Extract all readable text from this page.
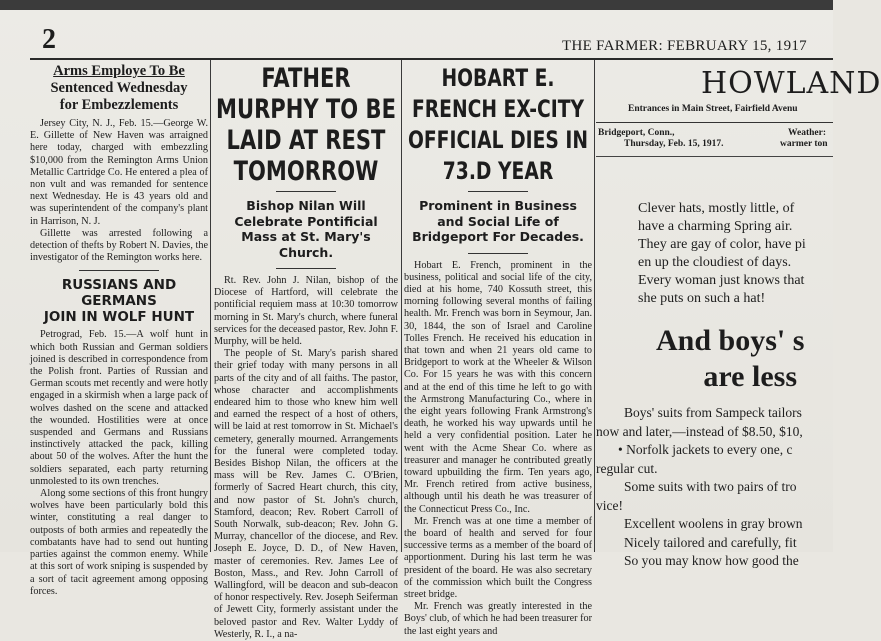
2	THE FARMER: FEBRUARY 15, 1917
Arms Employe To Be
Sentenced Wednesday
for Embezzlements

Jersey City, N. J., Feb. 15.—George W. E. Gillette of New Haven was arraigned here today, charged with embezzling $10,000 from the Remington Arms Union Metallic Cartridge Co. He entered a plea of non vult and was remanded for sentence next Wednesday. He is 43 years old and was superintendent of the company's plant in Harrison, N. J.

Gillette was arrested following a detection of thefts by Robert N. Davies, the investigator of the Remington works here.

RUSSIANS AND GERMANS
JOIN IN WOLF HUNT

Petrograd, Feb. 15.—A wolf hunt in which both Russian and German soldiers joined is described in correspondence from the Polish front. Parties of Russian and German scouts met recently and were hotly engaged in a skirmish when a large pack of wolves dashed on the scene and attacked the wounded. Hostilities were at once suspended and Germans and Russians instinctively attacked the pack, killing about 50 of the wolves. After the hunt the soldiers separated, each party returning unmolested to its own trenches.

Along some sections of this front hungry wolves have been particularly bold this winter, constituting a real danger to outposts of both armies and repeatedly the combatants have had to send out hunting parties against the common enemy. While at this sort of work sniping is suspended by a sort of tacit agreement among opposing forces.

FATHER MURPHY TO BE LAID AT REST TOMORROW
Bishop Nilan Will Celebrate Pontificial Mass at St. Mary's Church.

Rt. Rev. John J. Nilan, bishop of the Diocese of Hartford, will celebrate the pontificial requiem mass at 10:30 tomorrow morning in St. Mary's church, where funeral services for the deceased pastor, Rev. John F. Murphy, will be held.

The people of St. Mary's parish shared their grief today with many persons in all parts of the city and of all faiths. The pastor, whose character and accomplishments endeared him to those who knew him well and earned the respect of a host of others, will be laid at rest tomorrow in St. Michael's cemetery, generally mourned. Arrangements for the funeral were completed today. Besides Bishop Nilan, the officers at the mass will be Rev. James C. O'Brien, formerly of Sacred Heart church, this city, and now pastor of St. John's church, Stamford, deacon; Rev. Robert Carroll of South Norwalk, sub-deacon; Rev. John G. Murray, chancellor of the diocese, and Rev. Joseph E. Joyce, D. D., of New Haven, master of ceremonies. Rev. James Lee of Boston, Mass., and Rev. John Carroll of Wallingford, will be deacon and sub-deacon of honor respectively. Rev. Joseph Seiferman of Jewett City, formerly assistant under the beloved pastor and Rev. Walter Lyddy of Westerly, R. I., a na-

HOBART E. FRENCH EX-CITY OFFICIAL DIES IN 73.D YEAR
Prominent in Business and Social Life of Bridgeport For Decades.

Hobart E. French, prominent in the business, political and social life of the city, died at his home, 740 Kossuth street, this morning following several months of failing health. Mr. French was born in Seymour, Jan. 30, 1844, the son of Israel and Caroline Tolles French. He received his education in that town and when 21 years old came to Bridgeport to work at the Wheeler & Wilson Co. For 15 years he was with this concern and at the end of this time he left to go with the Armstrong Manufacturing Co., where in the eight years following Frank Armstrong's death, he worked his way upwards until he held a very confidential position. Later he went with the Acme Shear Co. where as treasurer and manager he contributed greatly toward upbuilding the firm. Ten years ago, Mr. French retired from active business, although until his death he was treasurer of the Connecticut Press Co., Inc.

Mr. French was at one time a member of the board of health and served for four successive terms as a member of the board of apportionment. During his last term he was president of the board. He was also secretary of the commission which built the Congress street bridge.

Mr. French was greatly interested in the Boys' club, of which he had been treasurer for the last eight years and

HOWLAND
Entrances in Main Street, Fairfield Avenu
Bridgeport, Conn.,
Thursday, Feb. 15, 1917.
Weather:
warmer ton
Clever hats, mostly little, of
have a charming Spring air.
They are gay of color, have pi
en up the cloudiest of days.
Every woman just knows that
she puts on such a hat!
And boys' s
are less
Boys' suits from Sampeck tailors
now and later,—instead of $8.50, $10,
• Norfolk jackets to every one, c
regular cut.
Some suits with two pairs of tro
vice!
Excellent woolens in gray brown
Nicely tailored and carefully, fit
So you may know how good the
